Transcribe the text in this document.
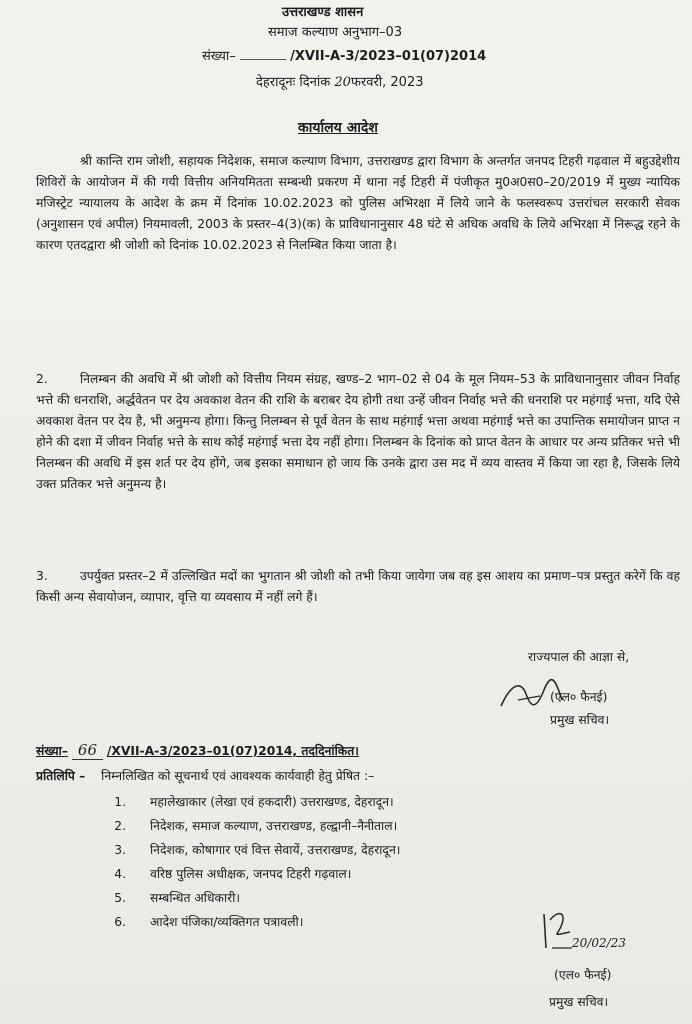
उत्तराखण्ड शासन
समाज कल्याण अनुभाग–03
संख्या–	/XVII-A-3/2023–01(07)2014
देहरादूनः दिनांक 20फरवरी, 2023
कार्यालय आदेश
श्री कान्ति राम जोशी, सहायक निदेशक, समाज कल्याण विभाग, उत्तराखण्ड द्वारा विभाग के अन्तर्गत जनपद टिहरी गढ़वाल में बहुउद्देशीय शिविरों के आयोजन में की गयी वित्तीय अनियमितता सम्बन्धी प्रकरण में थाना नई टिहरी में पंजीकृत मु0अ0स0–20/2019 में मुख्य न्यायिक मजिस्ट्रेट न्यायालय के आदेश के क्रम में दिनांक 10.02.2023 को पुलिस अभिरक्षा में लिये जाने के फलस्वरूप उत्तरांचल सरकारी सेवक (अनुशासन एवं अपील) नियमावली, 2003 के प्रस्तर–4(3)(क) के प्राविधानानुसार 48 घंटे से अधिक अवधि के लिये अभिरक्षा में निरूद्ध रहने के कारण एतदद्वारा श्री जोशी को दिनांक 10.02.2023 से निलम्बित किया जाता है।
2.	निलम्बन की अवधि में श्री जोशी को वित्तीय नियम संग्रह, खण्ड–2 भाग–02 से 04 के मूल नियम–53 के प्राविधानानुसार जीवन निर्वाह भत्ते की धनराशि, अर्द्धवेतन पर देय अवकाश वेतन की राशि के बराबर देय होगी तथा उन्हें जीवन निर्वाह भत्ते की धनराशि पर महंगाई भत्ता, यदि ऐसे अवकाश वेतन पर देय है, भी अनुमन्य होगा। किन्तु निलम्बन से पूर्व वेतन के साथ महंगाई भत्ता अथवा महंगाई भत्ते का उपान्तिक समायोजन प्राप्त न होने की दशा में जीवन निर्वाह भत्ते के साथ कोई महंगाई भत्ता देय नहीं होगा। निलम्बन के दिनांक को प्राप्त वेतन के आधार पर अन्य प्रतिकर भत्ते भी निलम्बन की अवधि में इस शर्त पर देय होंगे, जब इसका समाधान हो जाय कि उनके द्वारा उस मद में व्यय वास्तव में किया जा रहा है, जिसके लिये उक्त प्रतिकर भत्ते अनुमन्य है।
3.	उपर्युक्त प्रस्तर–2 में उल्लिखित मदों का भुगतान श्री जोशी को तभी किया जायेगा जब वह इस आशय का प्रमाण–पत्र प्रस्तुत करेगें कि वह किसी अन्य सेवायोजन, व्यापार, वृत्ति या व्यवसाय में नहीं लगे हैं।
राज्यपाल की आज्ञा से,
(एल० फैनई)
प्रमुख सचिव।
संख्या– 66 /XVII-A-3/2023–01(07)2014, तददिनांकित।
प्रतिलिपि – निम्नलिखित को सूचनार्थ एवं आवश्यक कार्यवाही हेतु प्रेषित :–
1. महालेखाकार (लेखा एवं हकदारी) उत्तराखण्ड, देहरादून।
2. निदेशक, समाज कल्याण, उत्तराखण्ड, हल्द्वानी–नैनीताल।
3. निदेशक, कोषागार एवं वित्त सेवायें, उत्तराखण्ड, देहरादून।
4. वरिष्ठ पुलिस अधीक्षक, जनपद टिहरी गढ़वाल।
5. सम्बन्धित अधिकारी।
6. आदेश पंजिका/व्यक्तिगत पत्रावली।
20/02/23
(एल० फैनई)
प्रमुख सचिव।
